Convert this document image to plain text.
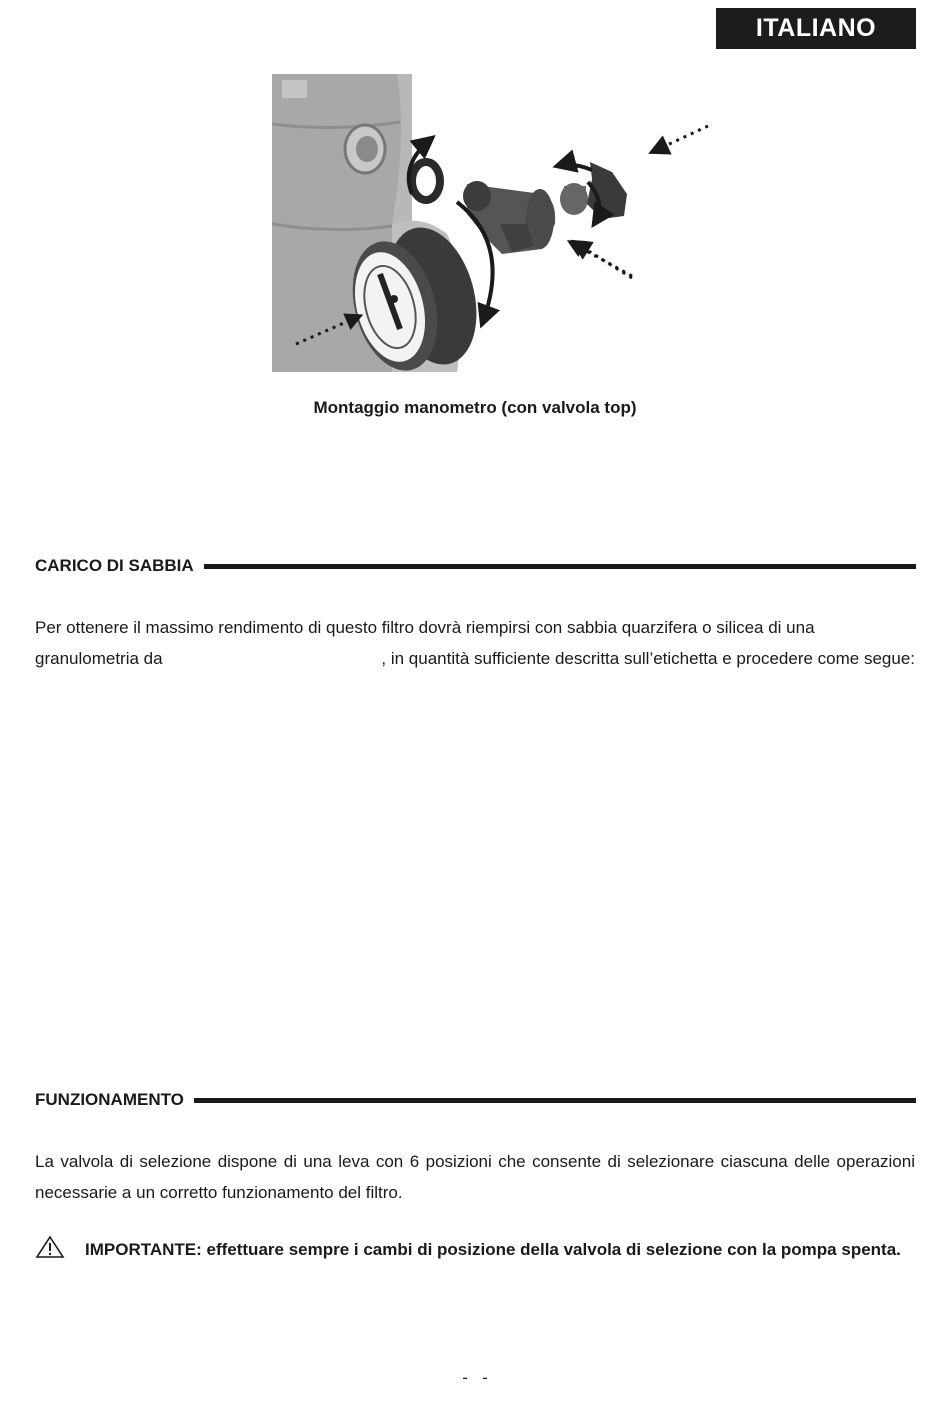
ITALIANO
Montaggio manometro (con valvola top)
CARICO DI SABBIA
Per ottenere il massimo rendimento di questo filtro dovrà riempirsi con sabbia quarzifera o silicea di una
granulometria da	, in quantità sufficiente descritta sull’etichetta e procedere come segue:
FUNZIONAMENTO
La valvola di selezione dispone di una leva con 6 posizioni che consente di selezionare ciascuna delle operazioni necessarie a un corretto funzionamento del filtro.
IMPORTANTE: effettuare sempre i cambi di posizione della valvola di selezione con la pompa spenta.
-   -
